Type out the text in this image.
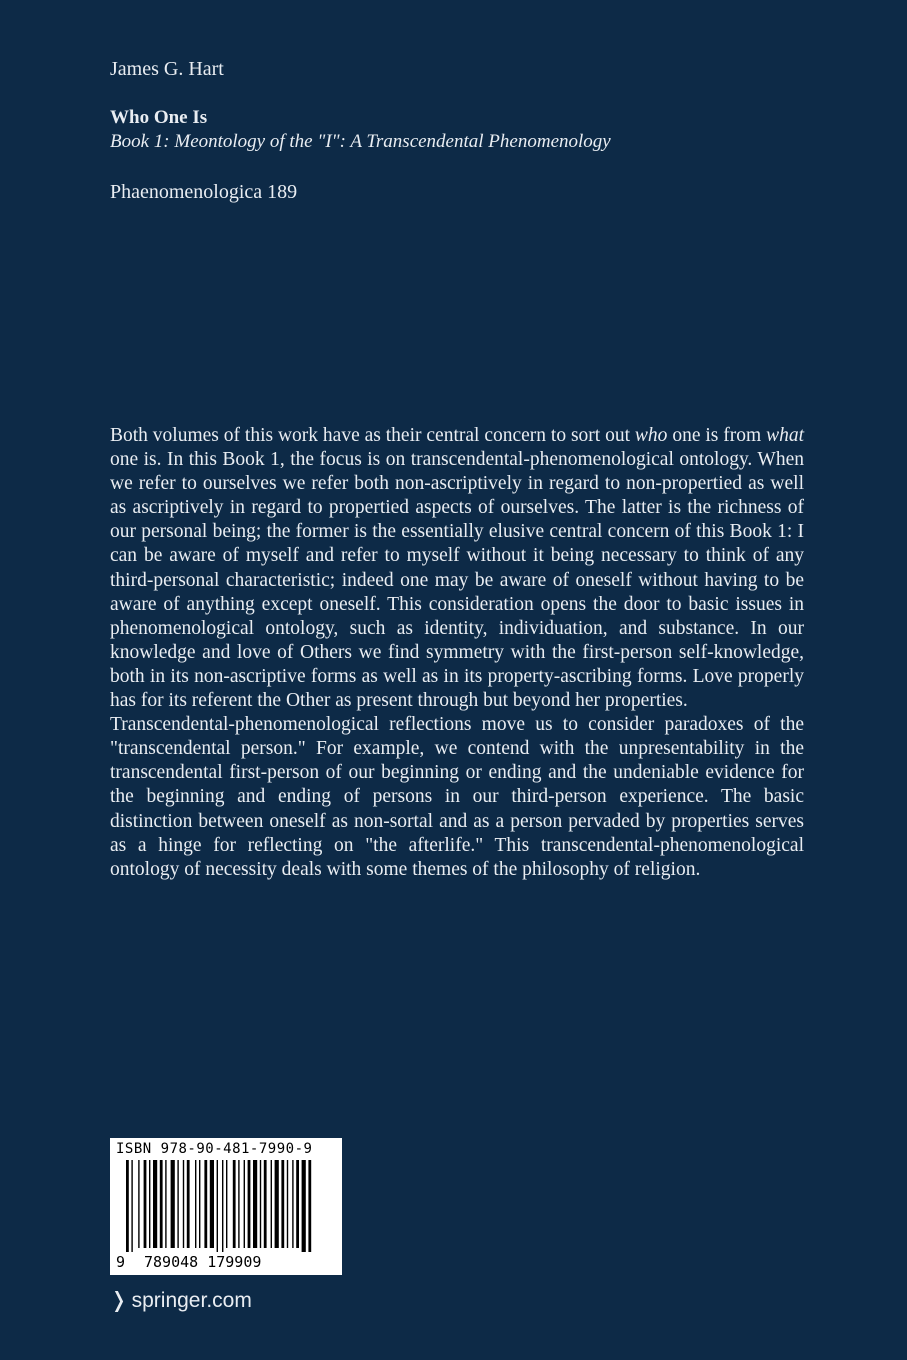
James G. Hart
Who One Is
Book 1: Meontology of the "I": A Transcendental Phenomenology
Phaenomenologica 189

Both volumes of this work have as their central concern to sort out who one is from what one is. In this Book 1, the focus is on transcendental-phenomenological ontology. When we refer to ourselves we refer both non-ascriptively in regard to non-propertied as well as ascriptively in regard to propertied aspects of ourselves. The latter is the richness of our personal being; the former is the essentially elusive central concern of this Book 1: I can be aware of myself and refer to myself without it being necessary to think of any third-personal characteristic; indeed one may be aware of oneself without having to be aware of anything except oneself. This consideration opens the door to basic issues in phenomenological ontology, such as identity, individuation, and substance. In our knowledge and love of Others we find symmetry with the first-person self-knowledge, both in its non-ascriptive forms as well as in its property-ascribing forms. Love properly has for its referent the Other as present through but beyond her properties.

Transcendental-phenomenological reflections move us to consider paradoxes of the "transcendental person." For example, we contend with the unpresentability in the transcendental first-person of our beginning or ending and the undeniable evidence for the beginning and ending of persons in our third-person experience. The basic distinction between oneself as non-sortal and as a person pervaded by properties serves as a hinge for reflecting on "the afterlife." This transcendental-phenomenological ontology of necessity deals with some themes of the philosophy of religion.

ISBN 978-90-481-7990-9
9 789048 179909
❭ springer.com
